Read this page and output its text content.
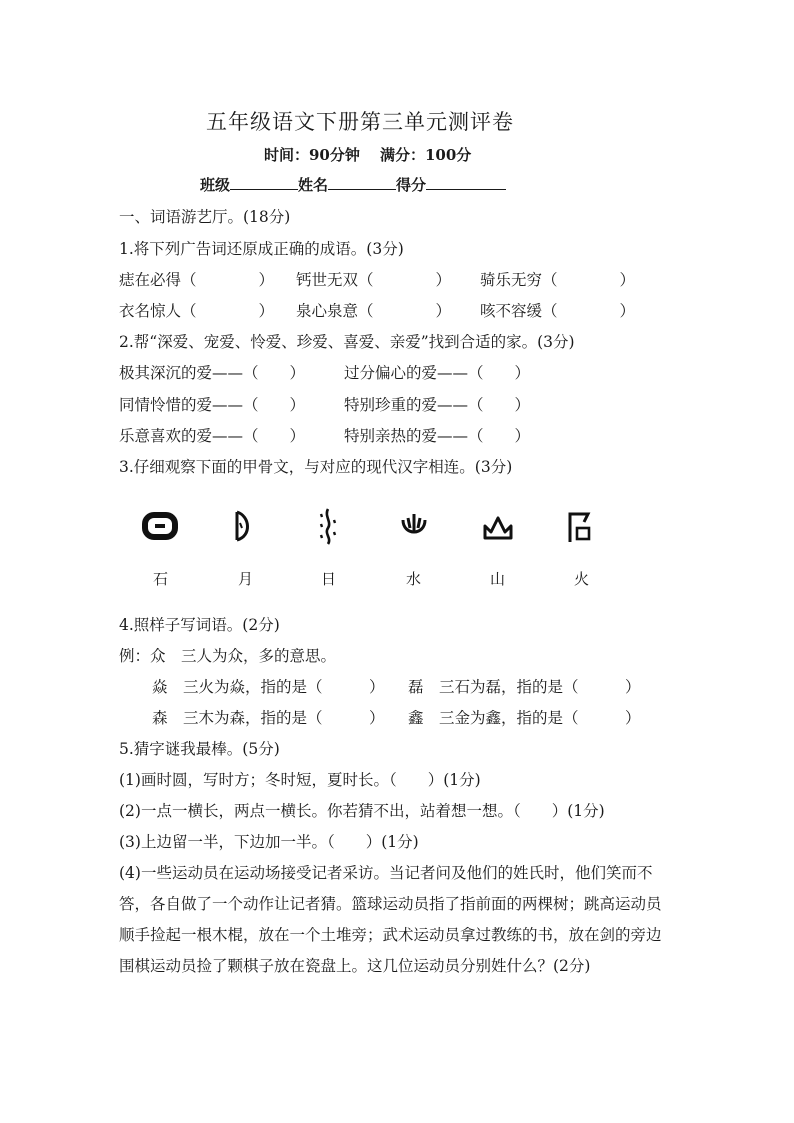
五年级语文下册第三单元测评卷
时间：90分钟 满分：100分
班级	姓名	得分
一、词语游艺厅。(18分)
1.将下列广告词还原成正确的成语。(3分)
痣在必得（　　　　） 钙世无双（　　　　） 骑乐无穷（　　　　）
衣名惊人（　　　　） 泉心泉意（　　　　） 咳不容缓（　　　　）
2.帮“深爱、宠爱、怜爱、珍爱、喜爱、亲爱”找到合适的家。(3分)
极其深沉的爱——（　　）	过分偏心的爱——（　　）
同情怜惜的爱——（　　）	特别珍重的爱——（　　）
乐意喜欢的爱——（　　）	特别亲热的爱——（　　）
3.仔细观察下面的甲骨文，与对应的现代汉字相连。(3分)
石	月	日	水	山	火
4.照样子写词语。(2分)
例：众　三人为众，多的意思。
焱　三火为焱，指的是（　　　） 磊　三石为磊，指的是（　　　）
森　三木为森，指的是（　　　） 鑫　三金为鑫，指的是（　　　）
5.猜字谜我最棒。(5分)
(1)画时圆，写时方；冬时短，夏时长。（　　）(1分)
(2)一点一横长，两点一横长。你若猜不出，站着想一想。（　　）(1分)
(3)上边留一半，下边加一半。（　　）(1分)
(4)一些运动员在运动场接受记者采访。当记者问及他们的姓氏时，他们笑而不
答，各自做了一个动作让记者猜。篮球运动员指了指前面的两棵树；跳高运动员
顺手捡起一根木棍，放在一个土堆旁；武术运动员拿过教练的书，放在剑的旁边
围棋运动员捡了颗棋子放在瓷盘上。这几位运动员分别姓什么？(2分)
